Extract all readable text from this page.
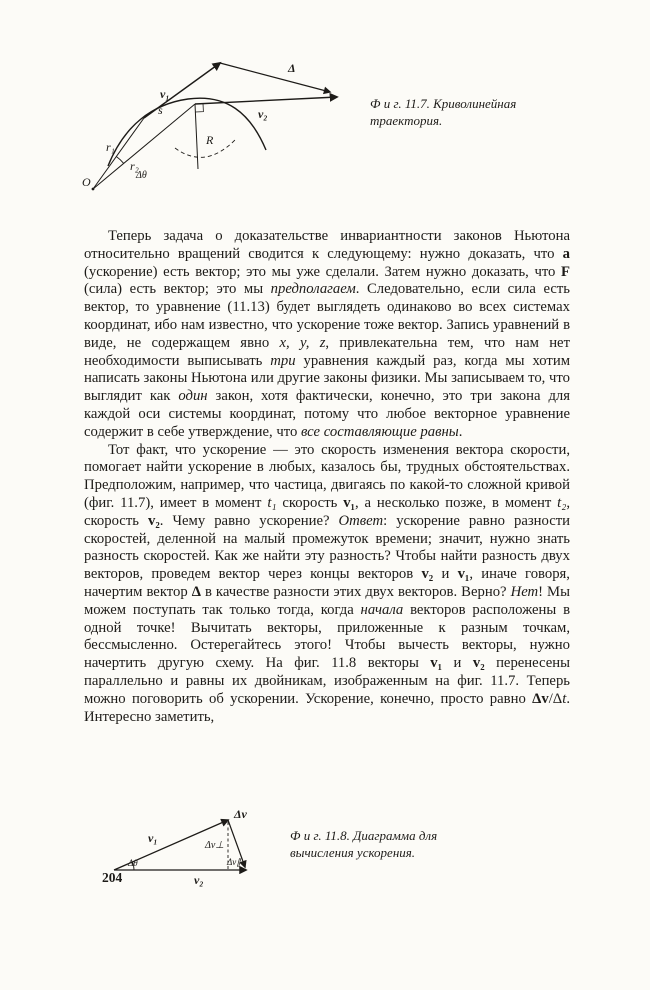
Δ
v₁
v₂
r₁
r₂
R
s
Δθ
O
Ф и г. 11.7. Криволинейная траектория.

Теперь задача о доказательстве инвариантности законов Ньютона относительно вращений сводится к следующему: нужно доказать, что a (ускорение) есть вектор; это мы уже сделали. Затем нужно доказать, что F (сила) есть вектор; это мы предполагаем. Следовательно, если сила есть вектор, то уравнение (11.13) будет выглядеть одинаково во всех системах координат, ибо нам известно, что ускорение тоже вектор. Запись уравнений в виде, не содержащем явно x, y, z, привлекательна тем, что нам нет необходимости выписывать три уравнения каждый раз, когда мы хотим написать законы Ньютона или другие законы физики. Мы записываем то, что выглядит как один закон, хотя фактически, конечно, это три закона для каждой оси системы координат, потому что любое векторное уравнение содержит в себе утверждение, что все составляющие равны.

Тот факт, что ускорение — это скорость изменения вектора скорости, помогает найти ускорение в любых, казалось бы, трудных обстоятельствах. Предположим, например, что частица, двигаясь по какой-то сложной кривой (фиг. 11.7), имеет в момент t₁ скорость v₁, а несколько позже, в момент t₂, скорость v₂. Чему равно ускорение? Ответ: ускорение равно разности скоростей, деленной на малый промежуток времени; значит, нужно знать разность скоростей. Как же найти эту разность? Чтобы найти разность двух векторов, проведем вектор через концы векторов v₂ и v₁, иначе говоря, начертим вектор Δ в качестве разности этих двух векторов. Верно? Нет! Мы можем поступать так только тогда, когда начала векторов расположены в одной точке! Вычитать векторы, приложенные к разным точкам, бессмысленно. Остерегайтесь этого! Чтобы вычесть векторы, нужно начертить другую схему. На фиг. 11.8 векторы v₁ и v₂ перенесены параллельно и равны их двойникам, изображенным на фиг. 11.7. Теперь можно поговорить об ускорении. Ускорение, конечно, просто равно Δv/Δt. Интересно заметить,

v₁
v₂
Δv
Δv⊥
Δv∥
Δθ
Ф и г. 11.8. Диаграмма для вычисления ускорения.
204
